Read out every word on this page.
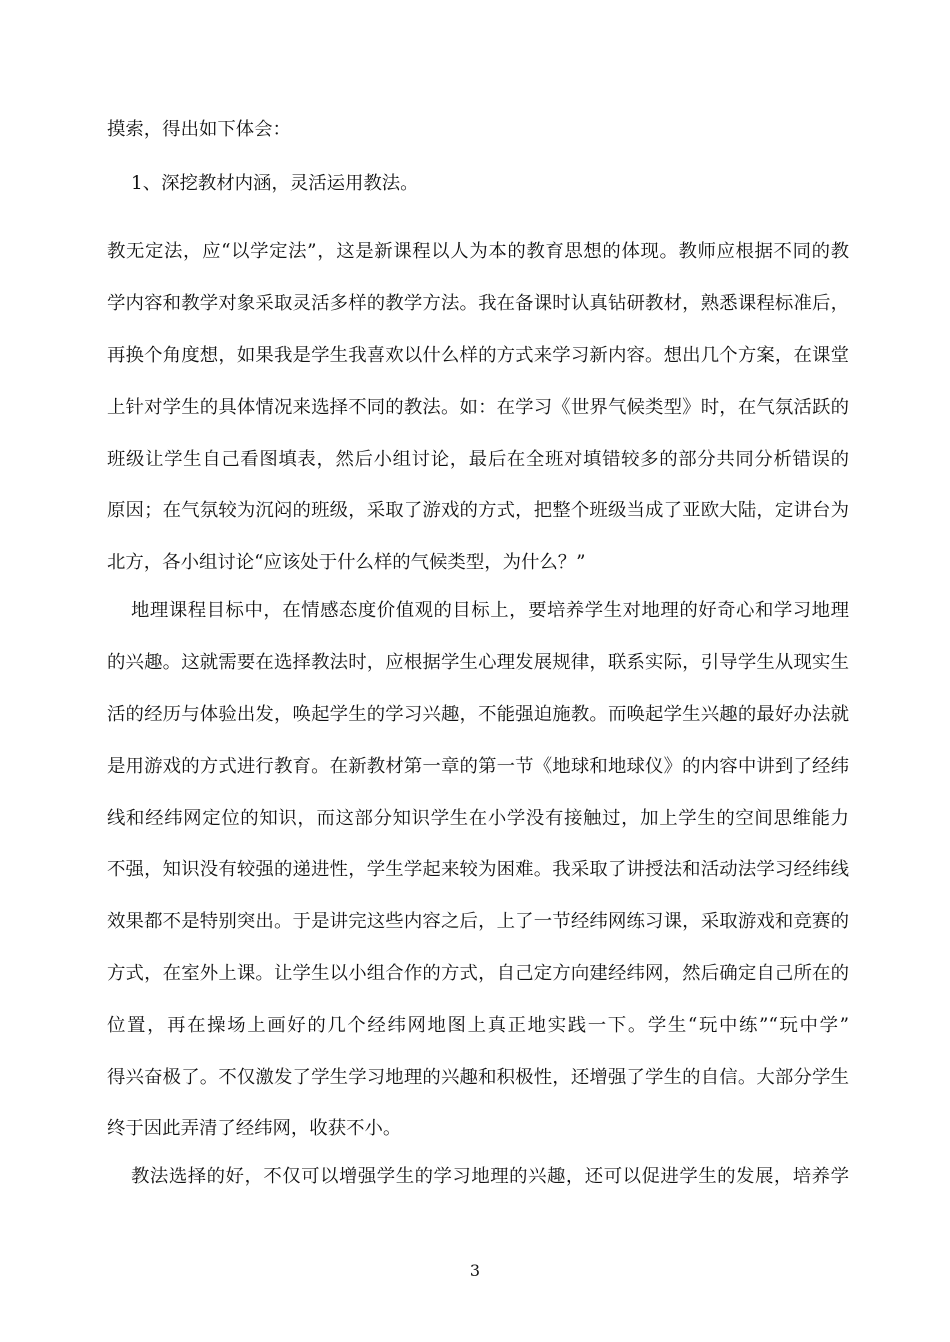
摸索，得出如下体会：
1、深挖教材内涵，灵活运用教法。
教无定法，应“以学定法”，这是新课程以人为本的教育思想的体现。教师应根据不同的教
学内容和教学对象采取灵活多样的教学方法。我在备课时认真钻研教材，熟悉课程标准后，
再换个角度想，如果我是学生我喜欢以什么样的方式来学习新内容。想出几个方案，在课堂
上针对学生的具体情况来选择不同的教法。如：在学习《世界气候类型》时，在气氛活跃的
班级让学生自己看图填表，然后小组讨论，最后在全班对填错较多的部分共同分析错误的
原因；在气氛较为沉闷的班级，采取了游戏的方式，把整个班级当成了亚欧大陆，定讲台为
北方，各小组讨论“应该处于什么样的气候类型，为什么？”
地理课程目标中，在情感态度价值观的目标上，要培养学生对地理的好奇心和学习地理
的兴趣。这就需要在选择教法时，应根据学生心理发展规律，联系实际，引导学生从现实生
活的经历与体验出发，唤起学生的学习兴趣，不能强迫施教。而唤起学生兴趣的最好办法就
是用游戏的方式进行教育。在新教材第一章的第一节《地球和地球仪》的内容中讲到了经纬
线和经纬网定位的知识，而这部分知识学生在小学没有接触过，加上学生的空间思维能力
不强，知识没有较强的递进性，学生学起来较为困难。我采取了讲授法和活动法学习经纬线
效果都不是特别突出。于是讲完这些内容之后，上了一节经纬网练习课，采取游戏和竞赛的
方式，在室外上课。让学生以小组合作的方式，自己定方向建经纬网，然后确定自己所在的
位置，再在操场上画好的几个经纬网地图上真正地实践一下。学生“玩中练”“玩中学”
得兴奋极了。不仅激发了学生学习地理的兴趣和积极性，还增强了学生的自信。大部分学生
终于因此弄清了经纬网，收获不小。
教法选择的好，不仅可以增强学生的学习地理的兴趣，还可以促进学生的发展，培养学
3
